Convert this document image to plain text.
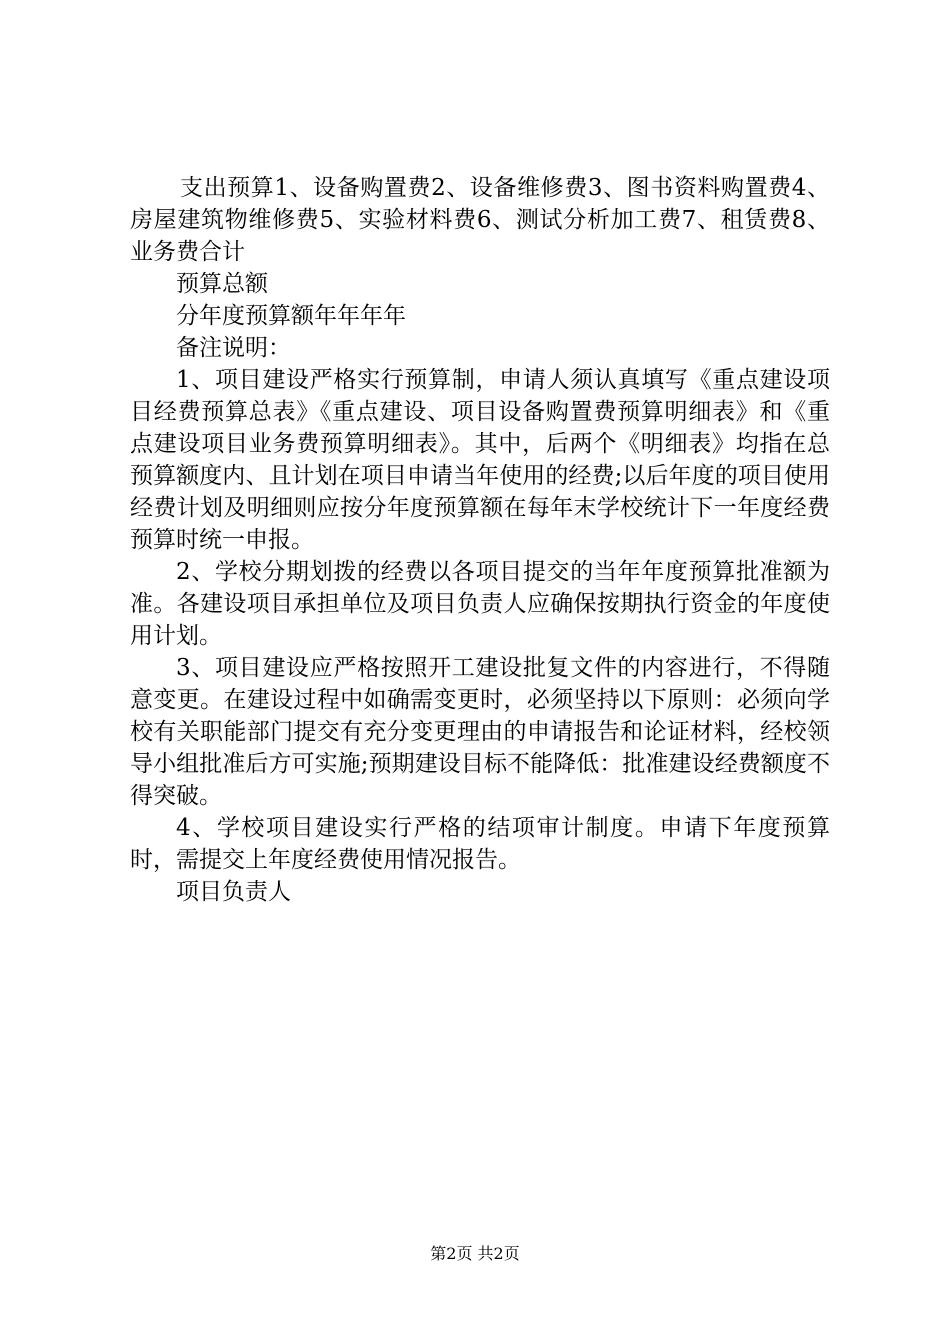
支出预算1、设备购置费2、设备维修费3、图书资料购置费4、房屋建筑物维修费5、实验材料费6、测试分析加工费7、租赁费8、业务费合计

预算总额

分年度预算额年年年年

备注说明：

1、项目建设严格实行预算制，申请人须认真填写《重点建设项目经费预算总表》《重点建设、项目设备购置费预算明细表》和《重点建设项目业务费预算明细表》。其中，后两个《明细表》均指在总预算额度内、且计划在项目申请当年使用的经费;以后年度的项目使用经费计划及明细则应按分年度预算额在每年末学校统计下一年度经费预算时统一申报。

2、学校分期划拨的经费以各项目提交的当年年度预算批准额为准。各建设项目承担单位及项目负责人应确保按期执行资金的年度使用计划。

3、项目建设应严格按照开工建设批复文件的内容进行，不得随意变更。在建设过程中如确需变更时，必须坚持以下原则：必须向学校有关职能部门提交有充分变更理由的申请报告和论证材料，经校领导小组批准后方可实施;预期建设目标不能降低：批准建设经费额度不得突破。

4、学校项目建设实行严格的结项审计制度。申请下年度预算时，需提交上年度经费使用情况报告。

项目负责人

第2页 共2页
